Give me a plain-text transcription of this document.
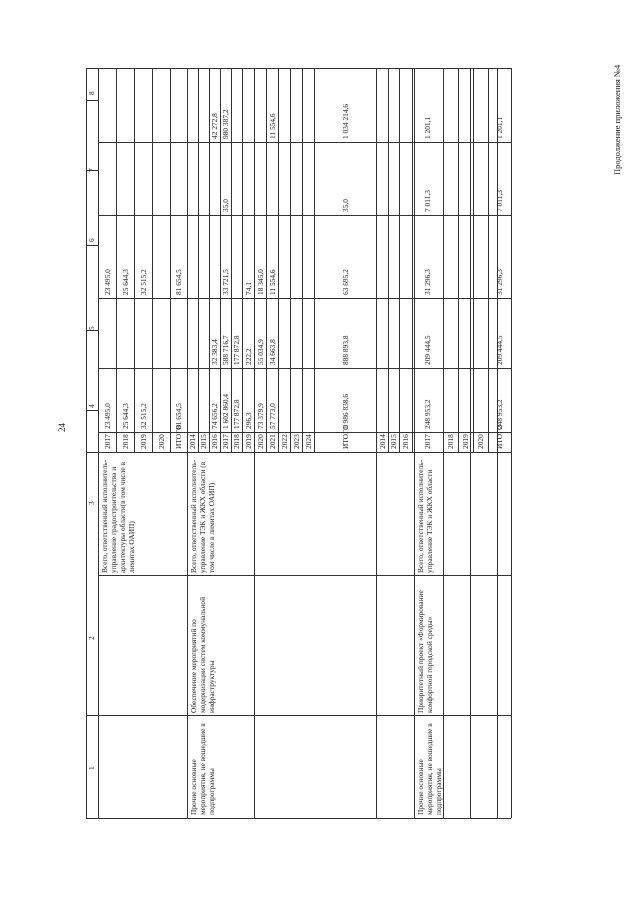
Продолжение приложения №4
24
1
2
3
4
5
6
7
8
23 495,0
23 495,0
2017
25 644,3
25 644,3
2018
32 515,2
32 515,2
2019 2020
81 654,5
81 654,5
ИТОГО
Всего, ответственный исполнитель-управление градостроительства и архитектуры области(в том числе в лимитах ОАИП)
2014 2015
42 272,8
32 383,4
74 656,2
2016
980 387,2
35,0
33 721,5
588 716,7
1 602 860,4
2017
177 872,8
177 872,8
2018
74,1
222,2
296,3
2019
18 345,0
55 034,9
73 379,9
2020
11 554,6
11 554,6
34 663,8
57 773,0
2021 2022 2023 2024
1 034 214,6
35,0
63 695,2
888 893,8
1 986 838,6
ИТОГО
Всего, ответственный исполнитель-управление ТЭК и ЖКХ области (в том числе в лимитах ОАИП)
Обеспечение мероприятий по модернизации систем коммунальной инфраструктуры
Прочие основные мероприятия, не вошедшие в подпрограммы
2014 2015 2016
1 201,1
7 011,3
31 296,3
209 444,5
248 953,2
2017 2018 2019 2020
1 201,1
7 011,3
31 296,3
209 444,5
248 953,2
ИТОГО
Всего, ответственный исполнитель-управление ТЭК и ЖКХ области
Приоритетный проект «Формирование комфортной городской среды»
Прочие основные мероприятия, не вошедшие в подпрограммы
